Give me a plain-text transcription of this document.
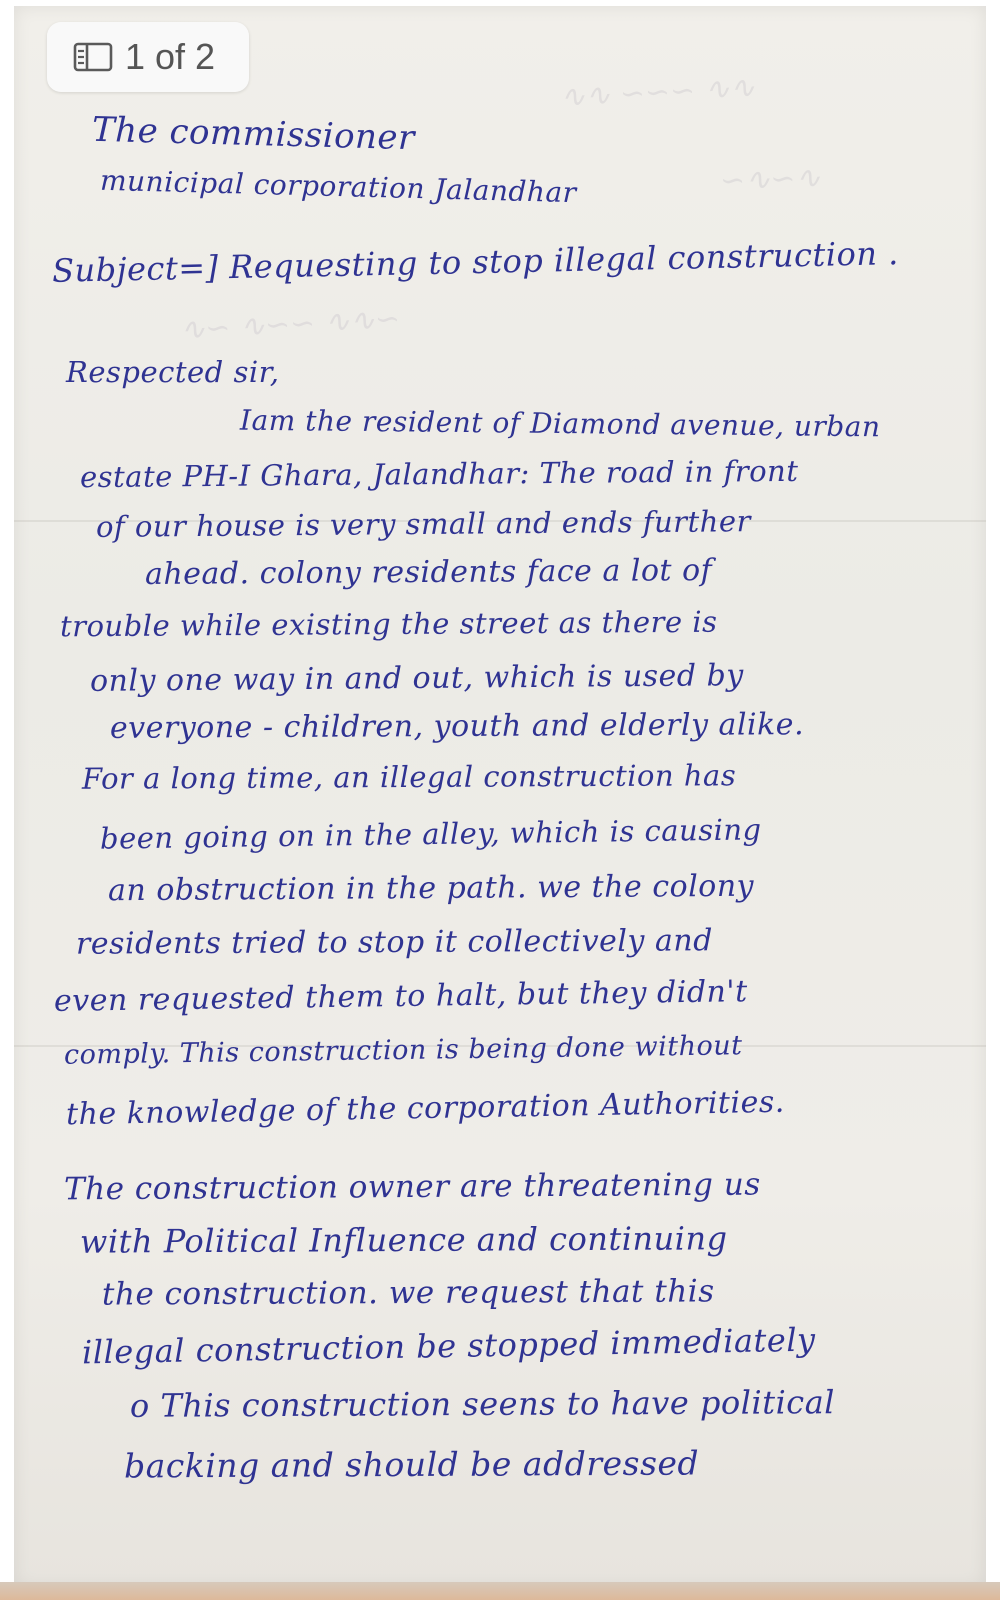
∿∿ ∽∽∽ ∿∿
∽∿∽∿
∿∽ ∿∽∽ ∿∿∽
1 of 2
The commissioner
municipal corporation Jalandhar
Subject=] Requesting to stop illegal construction .
Respected sir,
Iam the resident of Diamond avenue, urban
estate PH-I Ghara, Jalandhar: The road in front
of our house is very small and ends further
ahead. colony residents face a lot of
trouble while existing the street as there is
only one way in and out, which is used by
everyone - children, youth and elderly alike.
For a long time, an illegal construction has
been going on in the alley, which is causing
an obstruction in the path. we the colony
residents tried to stop it collectively and
even requested them to halt, but they didn't
comply. This construction is being done without
the knowledge of the corporation Authorities.
The construction owner are threatening us
with Political Influence and continuing
the construction. we request that this
illegal construction be stopped immediately
o This construction seens to have political
backing and should be addressed
